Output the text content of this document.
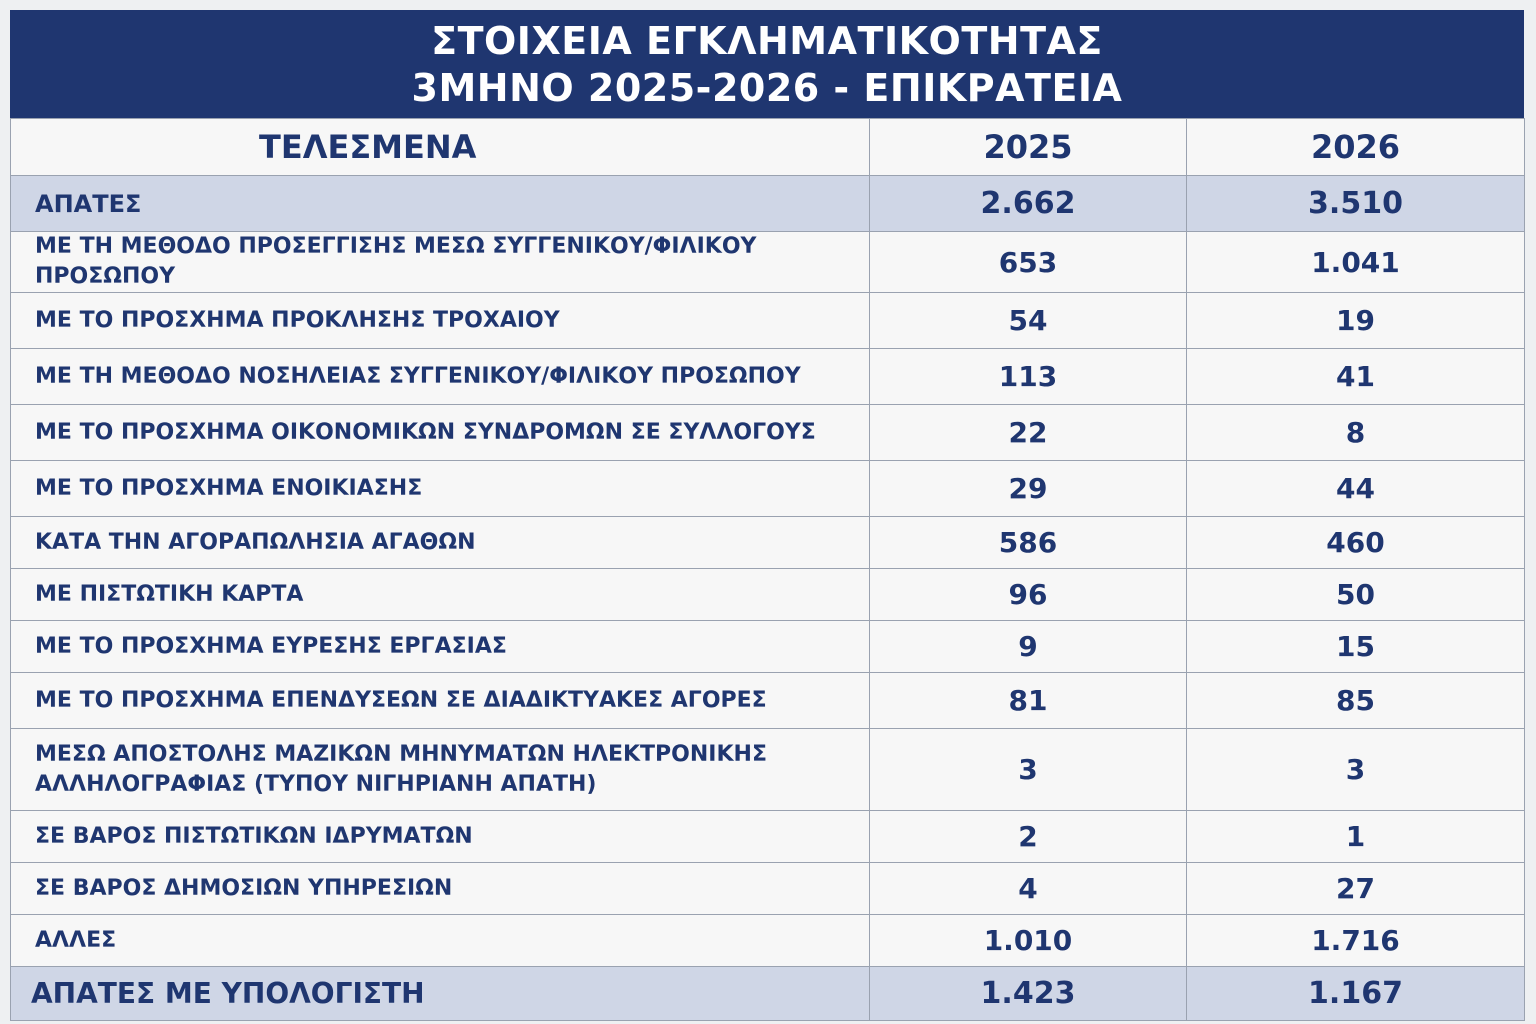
ΣΤΟΙΧΕΙΑ ΕΓΚΛΗΜΑΤΙΚΟΤΗΤΑΣ
3ΜΗΝΟ 2025-2026 - ΕΠΙΚΡΑΤΕΙΑ
ΤΕΛΕΣΜΕΝΑ	2025	2026
ΑΠΑΤΕΣ	2.662	3.510
ΜΕ ΤΗ ΜΕΘΟΔΟ ΠΡΟΣΕΓΓΙΣΗΣ ΜΕΣΩ ΣΥΓΓΕΝΙΚΟΥ/ΦΙΛΙΚΟΥ ΠΡΟΣΩΠΟΥ	653	1.041
ΜΕ ΤΟ ΠΡΟΣΧΗΜΑ ΠΡΟΚΛΗΣΗΣ ΤΡΟΧΑΙΟΥ	54	19
ΜΕ ΤΗ ΜΕΘΟΔΟ ΝΟΣΗΛΕΙΑΣ ΣΥΓΓΕΝΙΚΟΥ/ΦΙΛΙΚΟΥ ΠΡΟΣΩΠΟΥ	113	41
ΜΕ ΤΟ ΠΡΟΣΧΗΜΑ ΟΙΚΟΝΟΜΙΚΩΝ ΣΥΝΔΡΟΜΩΝ ΣΕ ΣΥΛΛΟΓΟΥΣ	22	8
ΜΕ ΤΟ ΠΡΟΣΧΗΜΑ ΕΝΟΙΚΙΑΣΗΣ	29	44
ΚΑΤΑ ΤΗΝ ΑΓΟΡΑΠΩΛΗΣΙΑ ΑΓΑΘΩΝ	586	460
ΜΕ ΠΙΣΤΩΤΙΚΗ ΚΑΡΤΑ	96	50
ΜΕ ΤΟ ΠΡΟΣΧΗΜΑ ΕΥΡΕΣΗΣ ΕΡΓΑΣΙΑΣ	9	15
ΜΕ ΤΟ ΠΡΟΣΧΗΜΑ ΕΠΕΝΔΥΣΕΩΝ ΣΕ ΔΙΑΔΙΚΤΥΑΚΕΣ ΑΓΟΡΕΣ	81	85

ΜΕΣΩ ΑΠΟΣΤΟΛΗΣ ΜΑΖΙΚΩΝ ΜΗΝΥΜΑΤΩΝ ΗΛΕΚΤΡΟΝΙΚΗΣ
ΑΛΛΗΛΟΓΡΑΦΙΑΣ (ΤΥΠΟΥ ΝΙΓΗΡΙΑΝΗ ΑΠΑΤΗ)	3	3
ΣΕ ΒΑΡΟΣ ΠΙΣΤΩΤΙΚΩΝ ΙΔΡΥΜΑΤΩΝ	2	1
ΣΕ ΒΑΡΟΣ ΔΗΜΟΣΙΩΝ ΥΠΗΡΕΣΙΩΝ	4	27
ΑΛΛΕΣ	1.010	1.716
ΑΠΑΤΕΣ ΜΕ ΥΠΟΛΟΓΙΣΤΗ	1.423	1.167
